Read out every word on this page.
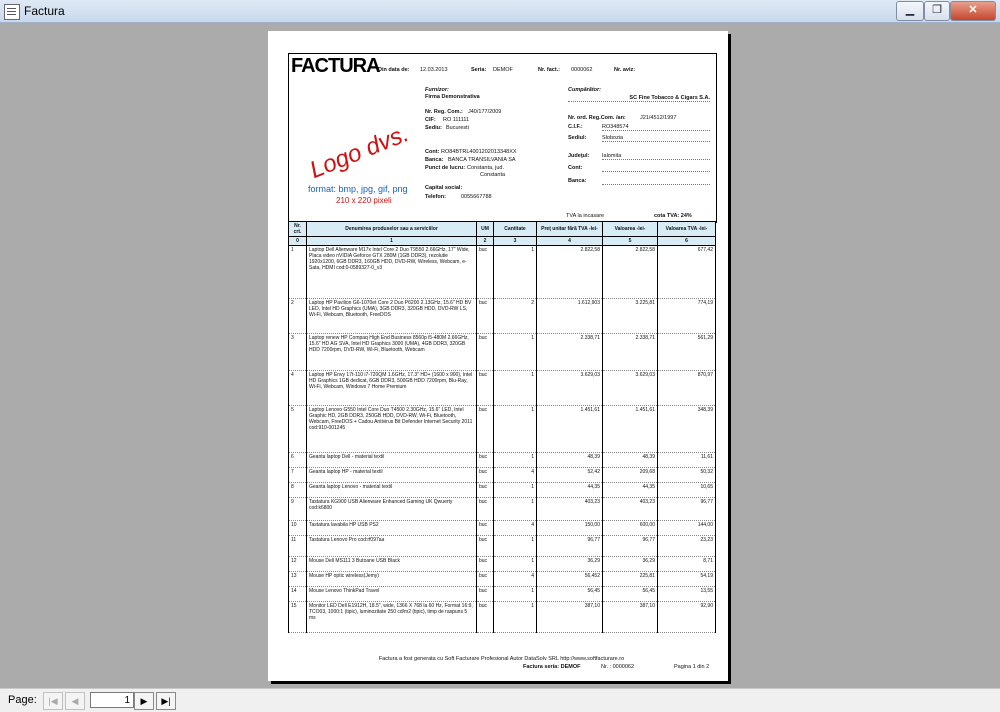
Factura	▁	❐	✕
FACTURA
Din data de: 12.03.2013	Seria: DEMOF	Nr. fact.: 0000062	Nr. aviz:
Logo dvs.
format: bmp, jpg, gif, png
210 x 220 pixeli
Furnizor:
Firma Demonstrativa
Nr. Reg. Com.: J40/177/2009
CIF: RO 111111
Sediu: Bucuresti
Cont: RO84BTRL4001202013348XX
Banca: BANCA TRANSILVANIA SA
Punct de lucru: Constanta, jud.
Constanta
Capital social:
Telefon:	0055667788
Cumpărător:
SC Fine Tobacco & Cigars S.A.
Nr. ord. Reg.Com. /an:	J21/4512/1997
C.I.F.:	RO348574
Sediul:	Slobozia
Judeţul: Ialomita
Cont:
Banca:
TVA la incasare	cota TVA: 24%
Nr. crt.	Denumirea produselor sau a serviciilor	UM	Cantitate	Preţ unitar fără TVA -lei-	Valoarea -lei-	Valoarea TVA -lei-
0	1	2	3	4	5	6
1	Laptop Dell Alienware M17x Intel Core 2 Duo T9550 2.66GHz, 17" Wide, Placa video nVIDIA Geforce GTX 280M (1GB DDR3), rezolutie 1920x1200, 6GB DDR3, 160GB HDD, DVD-RW, Wireless, Webcam, e-Sata, HDMI cod:0-0589327-0_v3	buc	1	2.822,58	2.822,58	677,42
2	Laptop HP Pavilion G6-1070et Core 2 Duo P6200 2.13GHz, 15.6" HD BV LED, Intel HD Graphics (UMA), 3GB DDR3, 320GB HDD, DVD-RW LS, Wi-Fi, Webcam, Bluetooth, FreeDOS	buc	2	1.612,903	3.225,81	774,19
3	Laptop renew HP Compaq High End Business 8560p i5-480M 2.66GHz, 15.6" HD AG SVA, Intel HD Graphics 3000 (UMA), 4GB DDR3, 320GB HDD 7200rpm, DVD-RW, Wi-Fi, Bluetooth, Webcam	buc	1	2.338,71	2.338,71	561,29
4	Laptop HP Envy 17t-110 i7-720QM 1.6GHz, 17.3" HD+ (1600 x 900), Intel HD Graphics 1GB dedicat, 6GB DDR3, 500GB HDD 7200rpm, Blu-Ray, Wi-Fi, Webcam, Windows 7 Home Premium	buc	1	3.629,03	3.629,03	870,97
5	Laptop Lenovo G550 Intel Core Duo T4500 2.30GHz, 15.6" LED, Intel Graphic HD, 2GB DDR3, 250GB HDD, DVD-RW, Wi-Fi, Bluetooth, Webcam, FreeDOS + Cadou Antivirus Bit Defender Internet Security 2011 cod:910-001245	buc	1	1.451,61	1.451,61	348,39
6	Geanta laptop Dell - material textil	buc	1	48,39	48,39	11,61
7	Geanta laptop HP - material textil	buc	4	52,42	209,68	50,32
8	Geanta laptop Lenovo - material textil	buc	1	44,35	44,35	10,65
9	Tastatura KG900 USB Alienware Enhanced Gaming UK Qwuerty cod:k6800	buc	1	403,23	403,23	96,77
10	Tastatura lavabila HP USB PS2	buc	4	150,00	600,00	144,00
11	Tastatura Lenovo Pro cod:rf097aa	buc	1	96,77	96,77	23,23
12	Mouse Dell MS111 3 Butoane USB Black	buc	1	36,29	36,29	8,71
13	Mouse HP optic wireless(Jemy)	buc	4	56,452	225,81	54,19
14	Mouse Lenovo ThinkPad Travel	buc	1	56,45	56,45	13,55
15	Monitor LED Dell E1912H, 18.5", wide, 1366 X 768 la 60 Hz, Format 16:9, TCO03, 1000:1 (tipic), luminozitate 250 cd/m2 (tipic), timp de raspuns 5 ms	buc	1	387,10	387,10	92,90
Factura a fost generata cu Soft Facturare Profesional Autor DataSolv SRL http://www.softfacturare.ro
Factura seria: DEMOF	Nr. : 0000062	Pagina 1 din 2
Page:	|◀	◀
1	▶	▶|
